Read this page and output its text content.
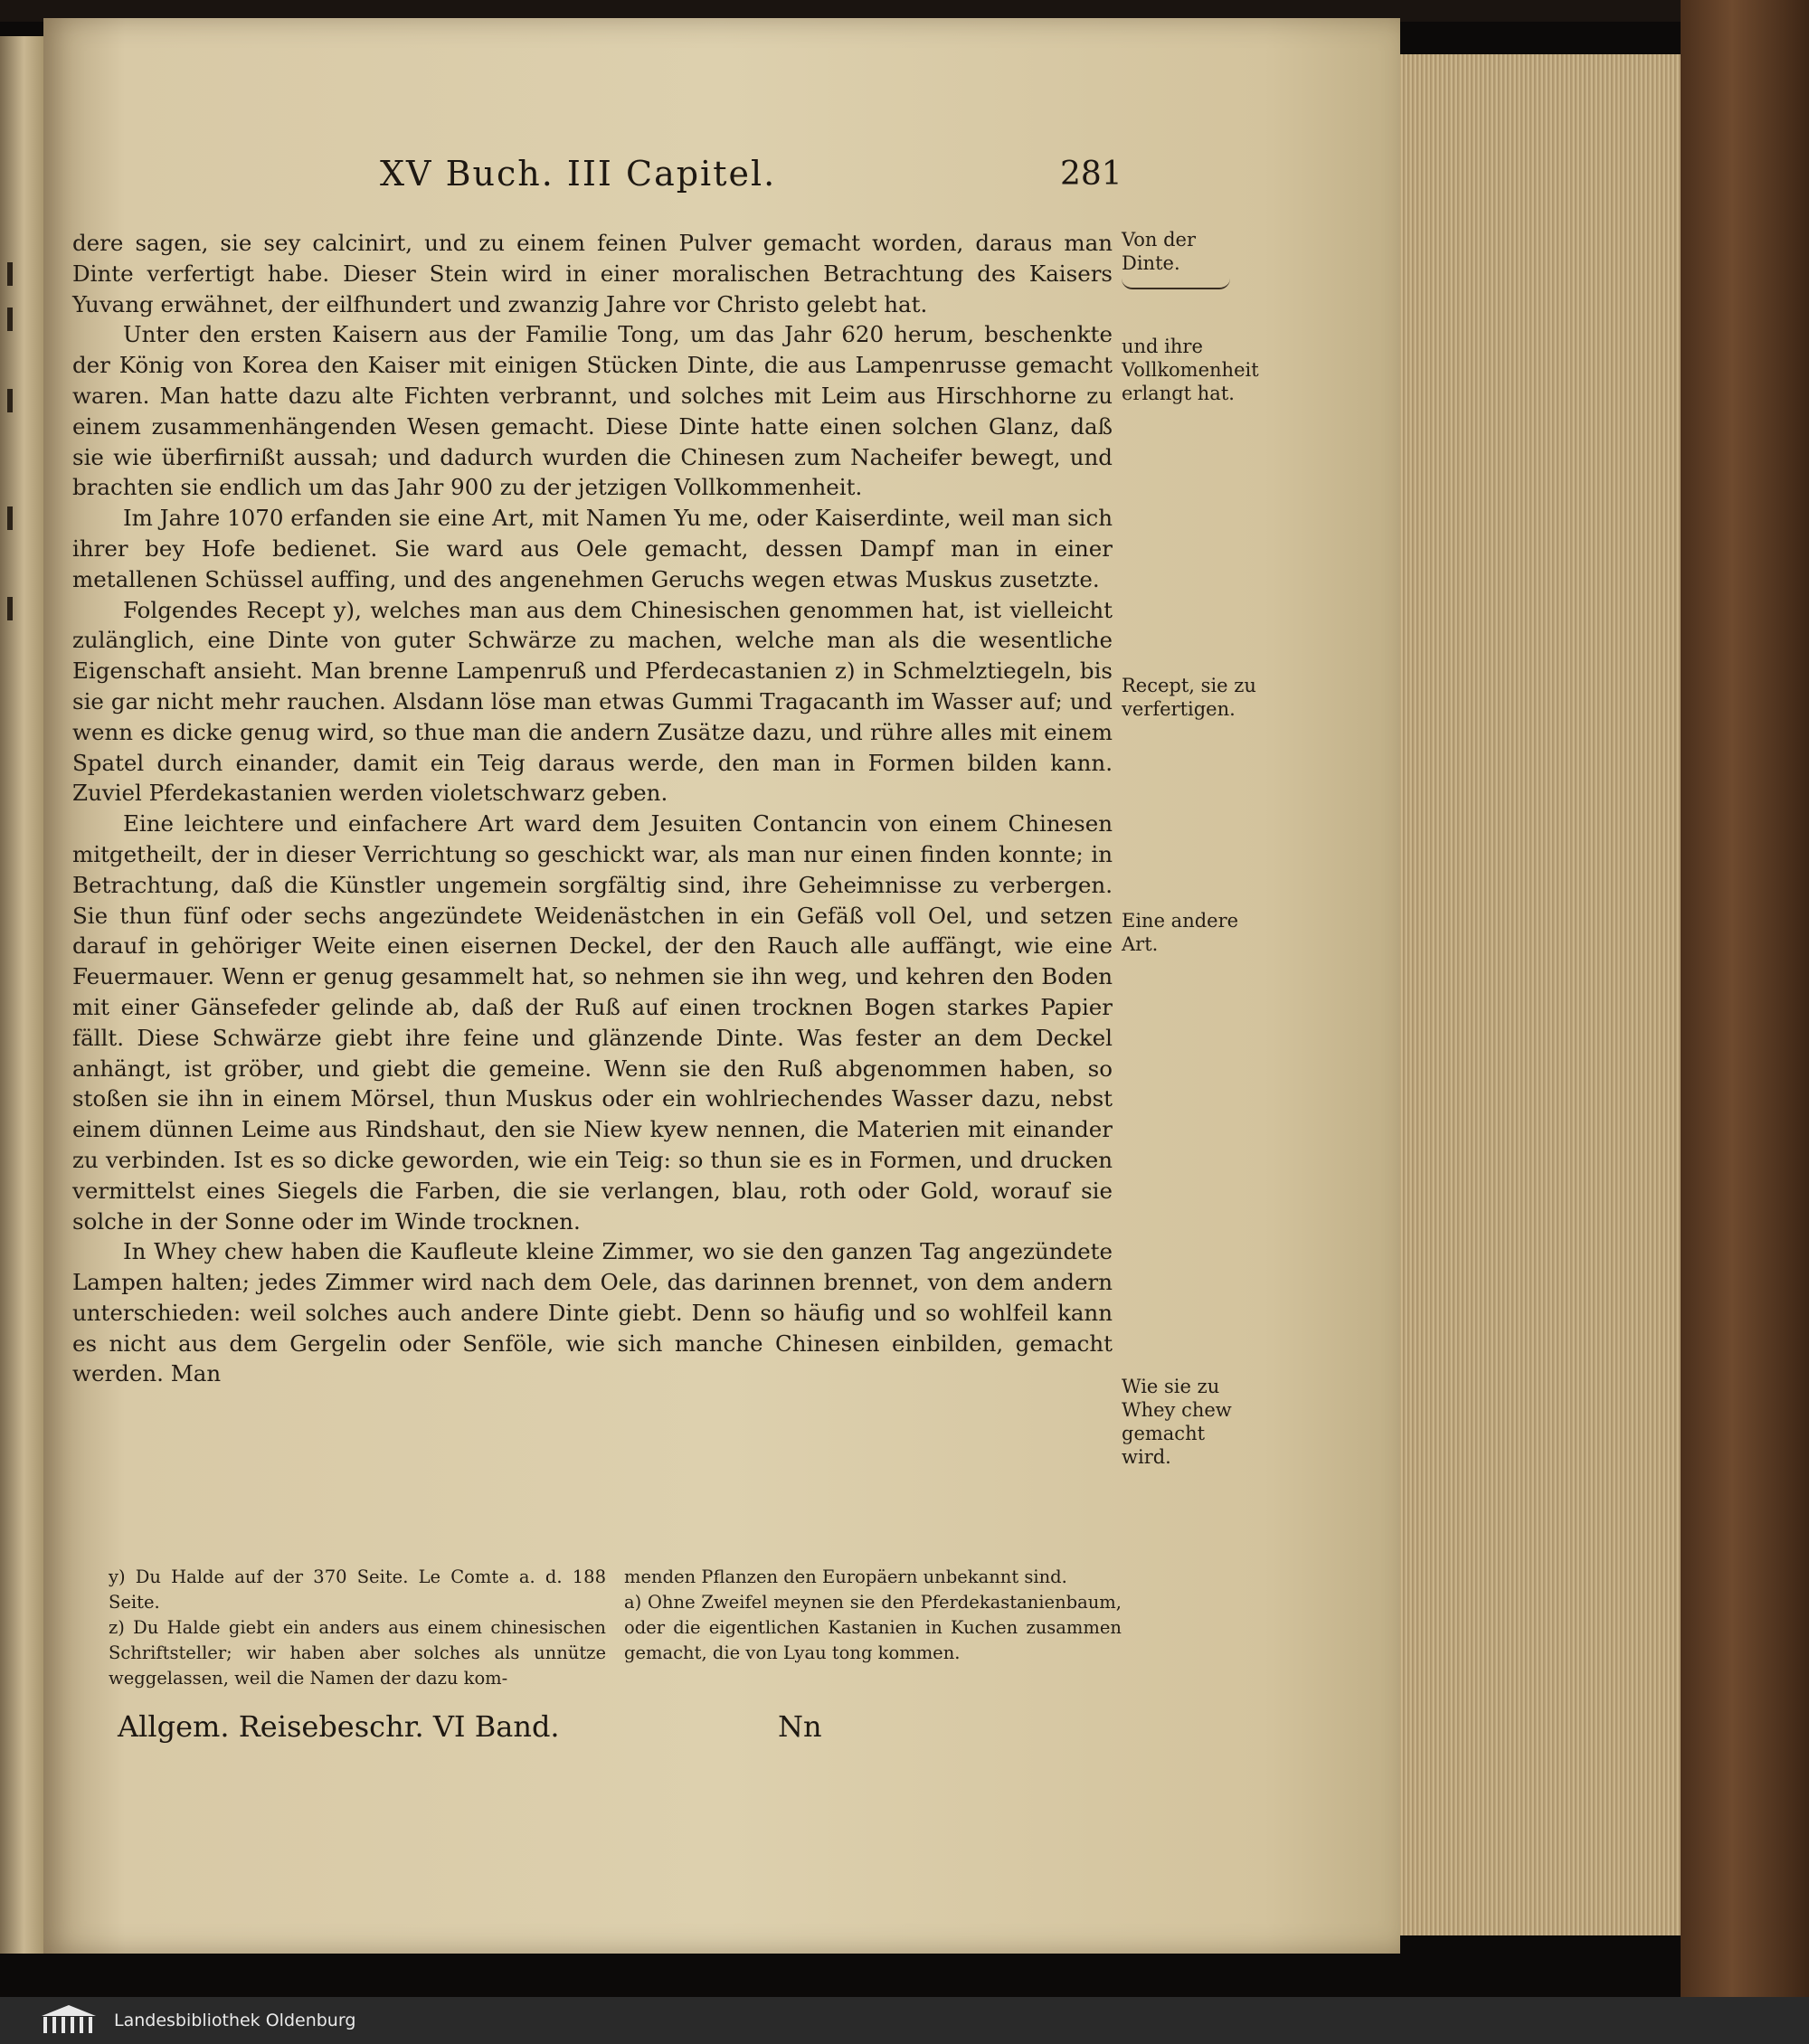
XV Buch. III Capitel.	281

dere sagen, sie sey calcinirt, und zu einem feinen Pulver gemacht worden, daraus man Dinte verfertigt habe. Dieser Stein wird in einer moralischen Betrachtung des Kaisers Yuvang erwähnet, der eilfhundert und zwanzig Jahre vor Christo gelebt hat.

Unter den ersten Kaisern aus der Familie Tong, um das Jahr 620 herum, beschenkte der König von Korea den Kaiser mit einigen Stücken Dinte, die aus Lampenrusse gemacht waren. Man hatte dazu alte Fichten verbrannt, und solches mit Leim aus Hirschhorne zu einem zusammenhängenden Wesen gemacht. Diese Dinte hatte einen solchen Glanz, daß sie wie überfirnißt aussah; und dadurch wurden die Chinesen zum Nacheifer bewegt, und brachten sie endlich um das Jahr 900 zu der jetzigen Vollkommenheit.

Im Jahre 1070 erfanden sie eine Art, mit Namen Yu me, oder Kaiserdinte, weil man sich ihrer bey Hofe bedienet. Sie ward aus Oele gemacht, dessen Dampf man in einer metallenen Schüssel auffing, und des angenehmen Geruchs wegen etwas Muskus zusetzte.

Folgendes Recept y), welches man aus dem Chinesischen genommen hat, ist vielleicht zulänglich, eine Dinte von guter Schwärze zu machen, welche man als die wesentliche Eigenschaft ansieht. Man brenne Lampenruß und Pferdecastanien z) in Schmelztiegeln, bis sie gar nicht mehr rauchen. Alsdann löse man etwas Gummi Tragacanth im Wasser auf; und wenn es dicke genug wird, so thue man die andern Zusätze dazu, und rühre alles mit einem Spatel durch einander, damit ein Teig daraus werde, den man in Formen bilden kann. Zuviel Pferdekastanien werden violetschwarz geben.

Eine leichtere und einfachere Art ward dem Jesuiten Contancin von einem Chinesen mitgetheilt, der in dieser Verrichtung so geschickt war, als man nur einen finden konnte; in Betrachtung, daß die Künstler ungemein sorgfältig sind, ihre Geheimnisse zu verbergen. Sie thun fünf oder sechs angezündete Weidenästchen in ein Gefäß voll Oel, und setzen darauf in gehöriger Weite einen eisernen Deckel, der den Rauch alle auffängt, wie eine Feuermauer. Wenn er genug gesammelt hat, so nehmen sie ihn weg, und kehren den Boden mit einer Gänsefeder gelinde ab, daß der Ruß auf einen trocknen Bogen starkes Papier fällt. Diese Schwärze giebt ihre feine und glänzende Dinte. Was fester an dem Deckel anhängt, ist gröber, und giebt die gemeine. Wenn sie den Ruß abgenommen haben, so stoßen sie ihn in einem Mörsel, thun Muskus oder ein wohlriechendes Wasser dazu, nebst einem dünnen Leime aus Rindshaut, den sie Niew kyew nennen, die Materien mit einander zu verbinden. Ist es so dicke geworden, wie ein Teig: so thun sie es in Formen, und drucken vermittelst eines Siegels die Farben, die sie verlangen, blau, roth oder Gold, worauf sie solche in der Sonne oder im Winde trocknen.

In Whey chew haben die Kaufleute kleine Zimmer, wo sie den ganzen Tag angezündete Lampen halten; jedes Zimmer wird nach dem Oele, das darinnen brennet, von dem andern unterschieden: weil solches auch andere Dinte giebt. Denn so häufig und so wohlfeil kann es nicht aus dem Gergelin oder Senföle, wie sich manche Chinesen einbilden, gemacht werden. Man

Von der Dinte.
und ihre Vollkomenheit erlangt hat.
Recept, sie zu verfertigen.
Eine andere Art.
Wie sie zu Whey chew gemacht wird.

y) Du Halde auf der 370 Seite. Le Comte a. d. 188 Seite.

z) Du Halde giebt ein anders aus einem chinesischen Schriftsteller; wir haben aber solches als unnütze weggelassen, weil die Namen der dazu kom-

menden Pflanzen den Europäern unbekannt sind.

a) Ohne Zweifel meynen sie den Pferdekastanienbaum, oder die eigentlichen Kastanien in Kuchen zusammen gemacht, die von Lyau tong kommen.

Allgem. Reisebeschr. VI Band.	Nn
Landesbibliothek Oldenburg
